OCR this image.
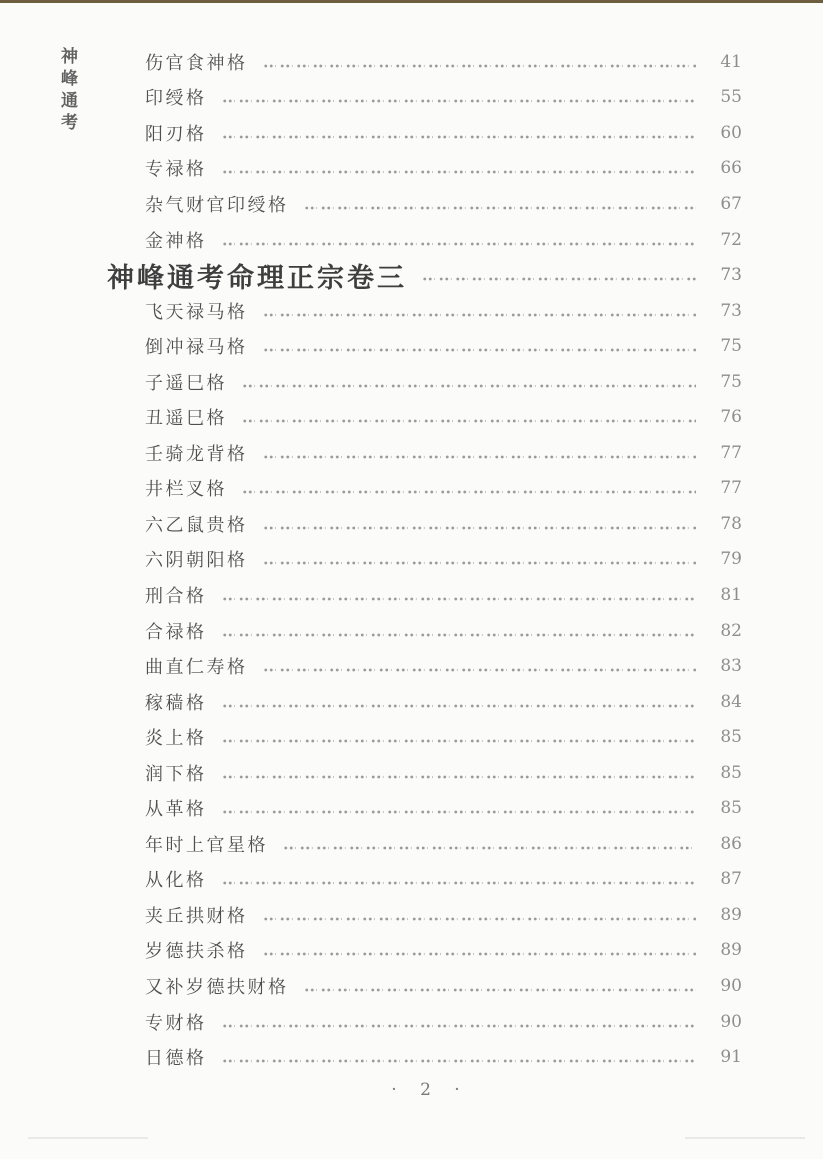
神峰通考	伤官食神格	41
印绶格	55
阳刃格	60
专禄格	66
杂气财官印绶格	67
金神格	72
神峰通考命理正宗卷三	73
飞天禄马格	73
倒冲禄马格	75
子遥巳格	75
丑遥巳格	76
壬骑龙背格	77
井栏叉格	77
六乙鼠贵格	78
六阴朝阳格	79
刑合格	81
合禄格	82
曲直仁寿格	83
稼穑格	84
炎上格	85
润下格	85
从革格	85
年时上官星格	86
从化格	87
夹丘拱财格	89
岁德扶杀格	89
又补岁德扶财格	90
专财格	90
日德格	91
· 2 ·
